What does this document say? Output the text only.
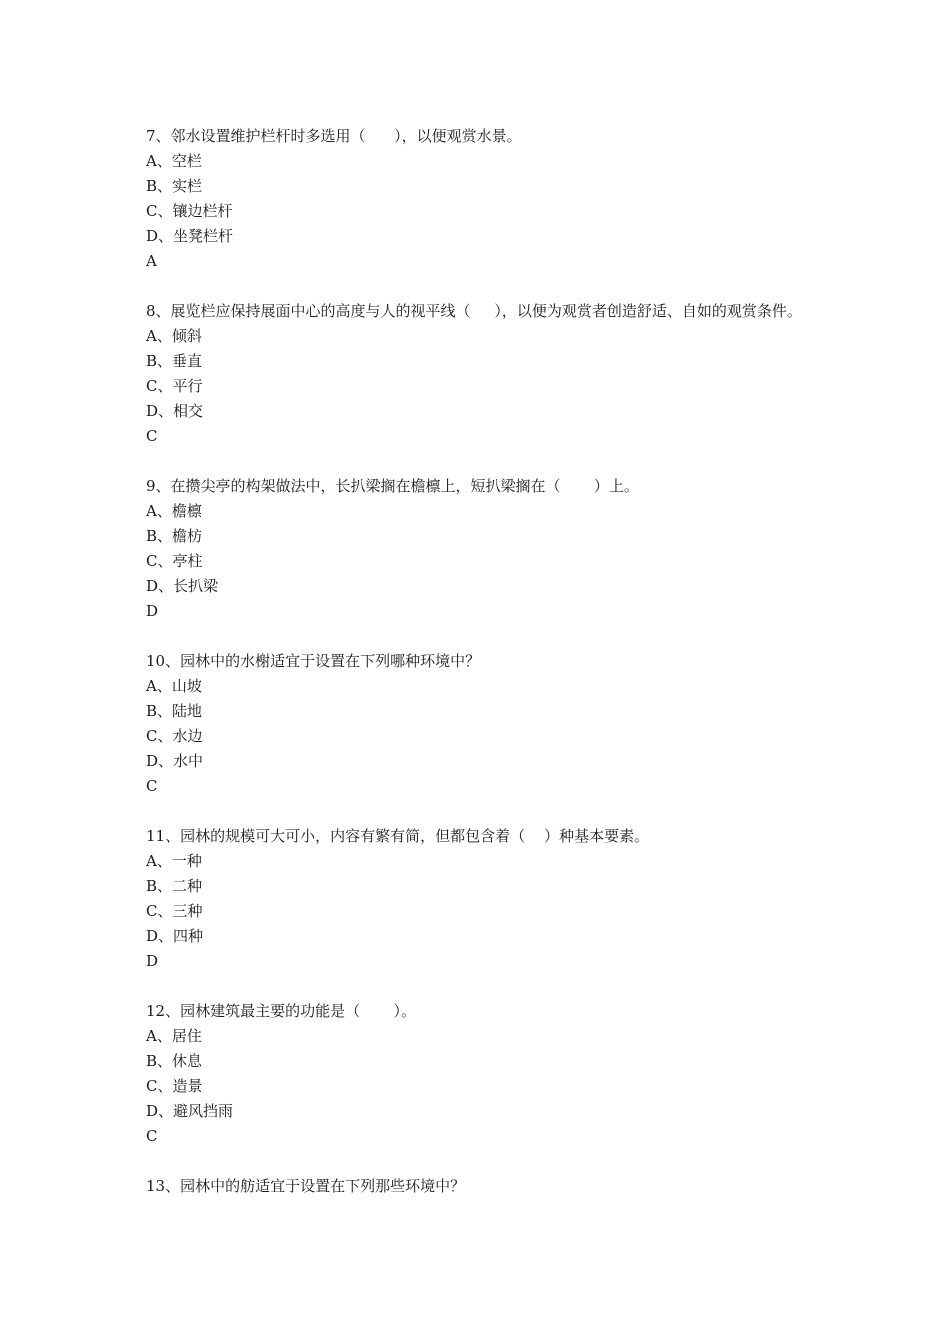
7、邻水设置维护栏杆时多选用（      ），以便观赏水景。

A、空栏

B、实栏

C、镶边栏杆

D、坐凳栏杆

A

8、展览栏应保持展面中心的高度与人的视平线（     ），以便为观赏者创造舒适、自如的观赏条件。

A、倾斜

B、垂直

C、平行

D、相交

C

9、在攒尖亭的构架做法中，长扒梁搁在檐檩上，短扒梁搁在（       ）上。

A、檐檩

B、檐枋

C、亭柱

D、长扒梁

D

10、园林中的水榭适宜于设置在下列哪种环境中？

A、山坡

B、陆地

C、水边

D、水中

C

11、园林的规模可大可小，内容有繁有简，但都包含着（    ）种基本要素。

A、一种

B、二种

C、三种

D、四种

D

12、园林建筑最主要的功能是（       ）。

A、居住

B、休息

C、造景

D、避风挡雨

C

13、园林中的舫适宜于设置在下列那些环境中？
